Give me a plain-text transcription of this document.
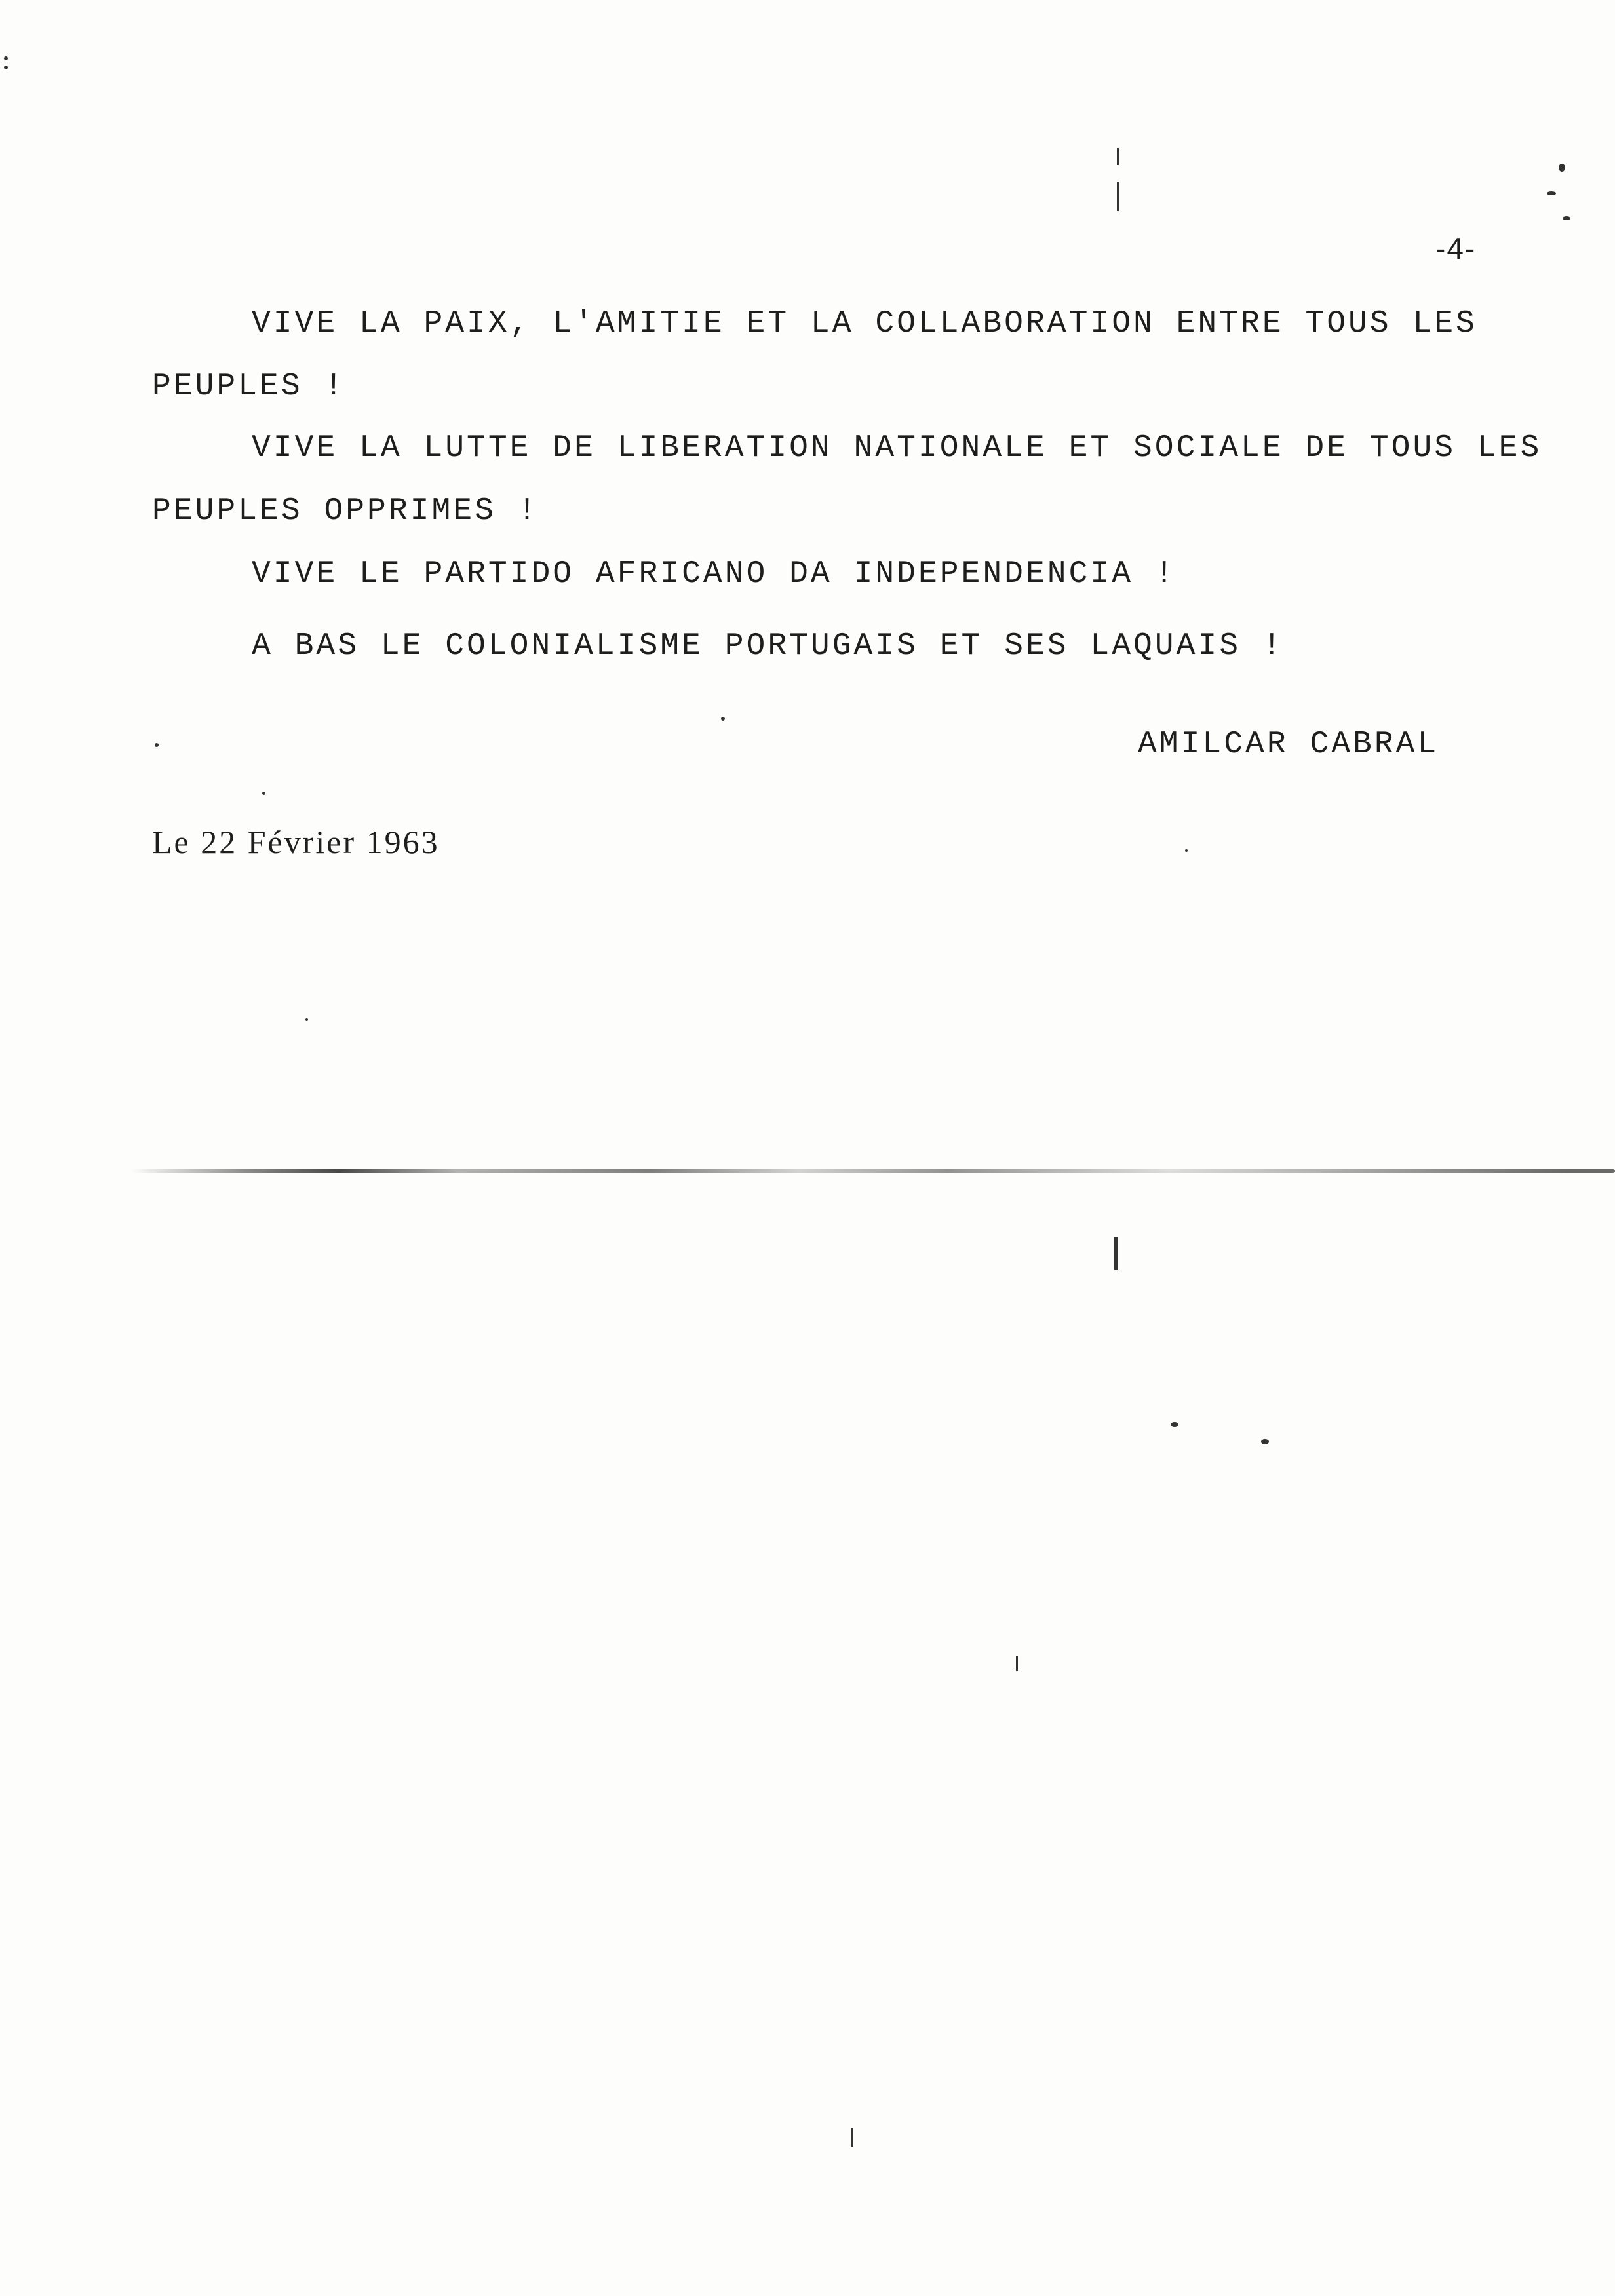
-4-
VIVE LA PAIX, L'AMITIE ET LA COLLABORATION ENTRE TOUS LES
PEUPLES !
VIVE LA LUTTE DE LIBERATION NATIONALE ET SOCIALE DE TOUS LES
PEUPLES OPPRIMES !
VIVE LE PARTIDO AFRICANO DA INDEPENDENCIA !
A BAS LE COLONIALISME PORTUGAIS ET SES LAQUAIS !
AMILCAR CABRAL
Le 22 Février 1963
